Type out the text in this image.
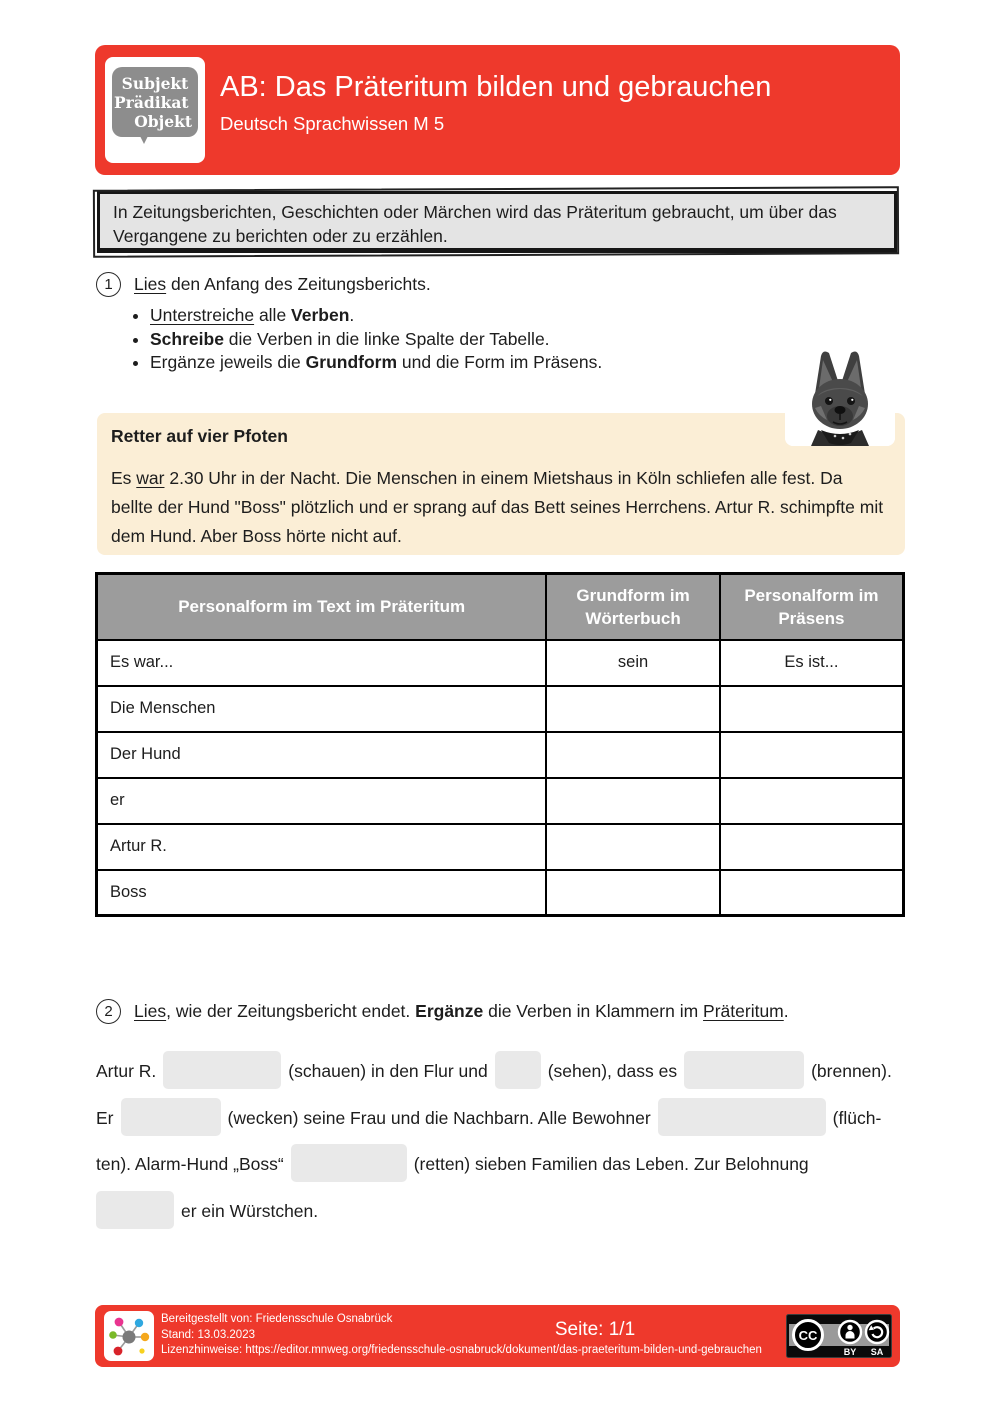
Subjekt
Prädikat
Objekt
AB: Das Präteritum bilden und gebrauchen
Deutsch Sprachwissen M 5
In Zeitungsberichten, Geschichten oder Märchen wird das Präteritum gebraucht, um über das Vergangene zu berichten oder zu erzählen.
1	Lies den Anfang des Zeitungsberichts.
• Unterstreiche alle Verben.
• Schreibe die Verben in die linke Spalte der Tabelle.
• Ergänze jeweils die Grundform und die Form im Präsens.
Retter auf vier Pfoten
Es war 2.30 Uhr in der Nacht. Die Menschen in einem Mietshaus in Köln schliefen alle fest. Da bellte der Hund "Boss" plötzlich und er sprang auf das Bett seines Herrchens. Artur R. schimpfte mit dem Hund. Aber Boss hörte nicht auf.
Personalform im Text im Präteritum	Grundform im Wörterbuch	Personalform im Präsens
Es war...	sein	Es ist...
Die Menschen		
Der Hund		
er		
Artur R.		
Boss		
2	Lies, wie der Zeitungsbericht endet. Ergänze die Verben in Klammern im Präteritum.
Artur R.	(schauen) in den Flur und	(sehen), dass es	(brennen).
Er	(wecken) seine Frau und die Nachbarn. Alle Bewohner	(flüch-
ten). Alarm-Hund „Boss“	(retten) sieben Familien das Leben. Zur Belohnung
er ein Würstchen.
Bereitgestellt von: Friedensschule Osnabrück
Stand: 13.03.2023
Lizenzhinweise: https://editor.mnweg.org/friedensschule-osnabruck/dokument/das-praeteritum-bilden-und-gebrauchen
Seite: 1/1	CC
BY SA
